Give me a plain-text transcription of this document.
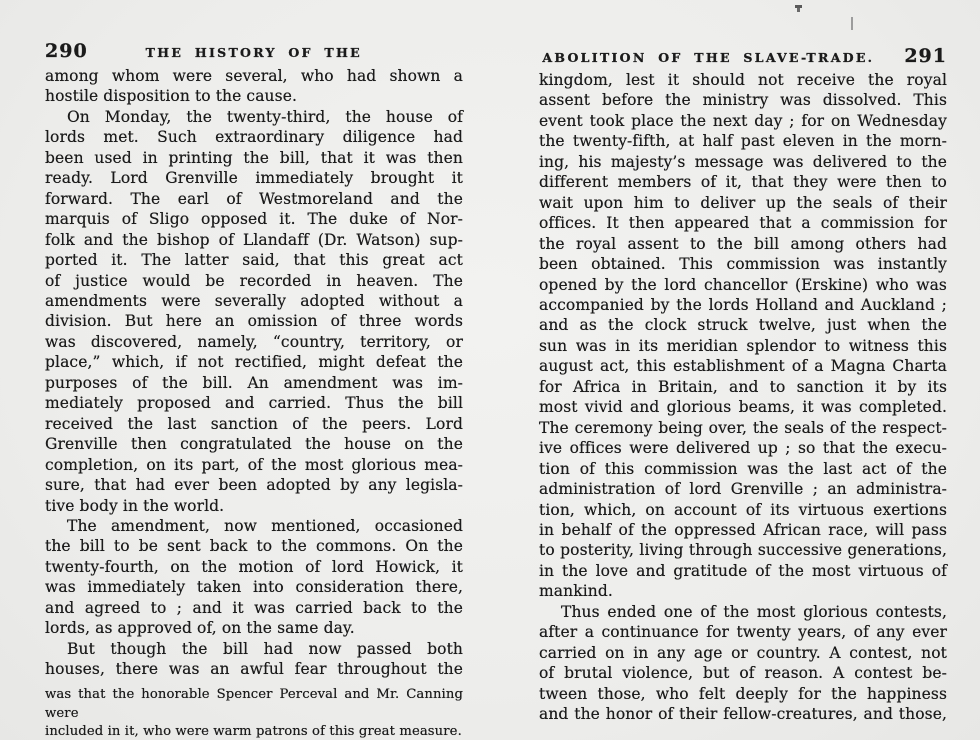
290	THE HISTORY OF THE
among whom were several, who had shown a
hostile disposition to the cause.
On Monday, the twenty-third, the house of
lords met. Such extraordinary diligence had
been used in printing the bill, that it was then
ready. Lord Grenville immediately brought it
forward. The earl of Westmoreland and the
marquis of Sligo opposed it. The duke of Nor-
folk and the bishop of Llandaff (Dr. Watson) sup-
ported it. The latter said, that this great act
of justice would be recorded in heaven. The
amendments were severally adopted without a
division. But here an omission of three words
was discovered, namely, “country, territory, or
place,” which, if not rectified, might defeat the
purposes of the bill. An amendment was im-
mediately proposed and carried. Thus the bill
received the last sanction of the peers. Lord
Grenville then congratulated the house on the
completion, on its part, of the most glorious mea-
sure, that had ever been adopted by any legisla-
tive body in the world.
The amendment, now mentioned, occasioned
the bill to be sent back to the commons. On the
twenty-fourth, on the motion of lord Howick, it
was immediately taken into consideration there,
and agreed to ; and it was carried back to the
lords, as approved of, on the same day.
But though the bill had now passed both
houses, there was an awful fear throughout the
was that the honorable Spencer Perceval and Mr. Canning were
included in it, who were warm patrons of this great measure.
ABOLITION OF THE SLAVE-TRADE. 291
kingdom, lest it should not receive the royal
assent before the ministry was dissolved. This
event took place the next day ; for on Wednesday
the twenty-fifth, at half past eleven in the morn-
ing, his majesty’s message was delivered to the
different members of it, that they were then to
wait upon him to deliver up the seals of their
offices. It then appeared that a commission for
the royal assent to the bill among others had
been obtained. This commission was instantly
opened by the lord chancellor (Erskine) who was
accompanied by the lords Holland and Auckland ;
and as the clock struck twelve, just when the
sun was in its meridian splendor to witness this
august act, this establishment of a Magna Charta
for Africa in Britain, and to sanction it by its
most vivid and glorious beams, it was completed.
The ceremony being over, the seals of the respect-
ive offices were delivered up ; so that the execu-
tion of this commission was the last act of the
administration of lord Grenville ; an administra-
tion, which, on account of its virtuous exertions
in behalf of the oppressed African race, will pass
to posterity, living through successive generations,
in the love and gratitude of the most virtuous of
mankind.
Thus ended one of the most glorious contests,
after a continuance for twenty years, of any ever
carried on in any age or country. A contest, not
of brutal violence, but of reason. A contest be-
tween those, who felt deeply for the happiness
and the honor of their fellow-creatures, and those,
